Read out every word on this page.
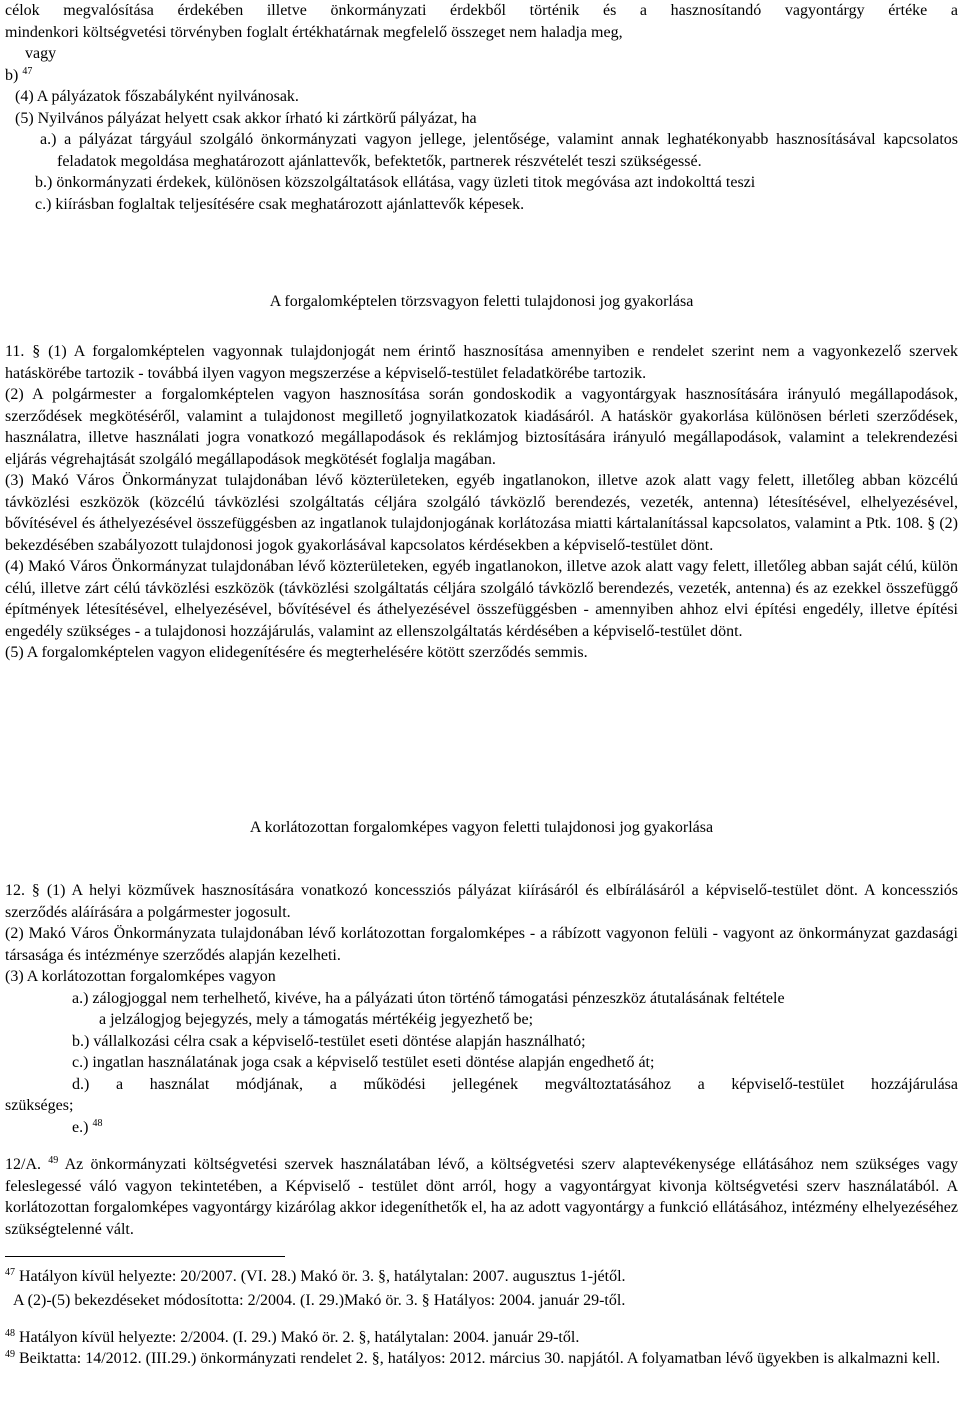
célok megvalósítása érdekében illetve önkormányzati érdekből történik és a hasznosítandó vagyontárgy értéke a

mindenkori költségvetési törvényben foglalt értékhatárnak megfelelő összeget nem haladja meg,

vagy

b) $^{47}$

(4) A pályázatok főszabályként nyilvánosak.

(5) Nyilvános pályázat helyett csak akkor írható ki zártkörű pályázat, ha

a.) a pályázat tárgyául szolgáló önkormányzati vagyon jellege, jelentősége, valamint annak leghatékonyabb hasznosításával kapcsolatos feladatok megoldása meghatározott ajánlattevők, befektetők, partnerek részvételét teszi szükségessé.

b.) önkormányzati érdekek, különösen közszolgáltatások ellátása, vagy üzleti titok megóvása azt indokolttá teszi

c.) kiírásban foglaltak teljesítésére csak meghatározott ajánlattevők képesek.

A forgalomképtelen törzsvagyon feletti tulajdonosi jog gyakorlása

11. § (1) A forgalomképtelen vagyonnak tulajdonjogát nem érintő hasznosítása amennyiben e rendelet szerint nem a vagyonkezelő szervek hatáskörébe tartozik - továbbá ilyen vagyon megszerzése a képviselő-testület feladatkörébe tartozik.

(2) A polgármester a forgalomképtelen vagyon hasznosítása során gondoskodik a vagyontárgyak hasznosítására irányuló megállapodások, szerződések megkötéséről, valamint a tulajdonost megillető jognyilatkozatok kiadásáról. A hatáskör gyakorlása különösen bérleti szerződések, használatra, illetve használati jogra vonatkozó megállapodások és reklámjog biztosítására irányuló megállapodások, valamint a telekrendezési eljárás végrehajtását szolgáló megállapodások megkötését foglalja magában.

(3) Makó Város Önkormányzat tulajdonában lévő közterületeken, egyéb ingatlanokon, illetve azok alatt vagy felett, illetőleg abban közcélú távközlési eszközök (közcélú távközlési szolgáltatás céljára szolgáló távközlő berendezés, vezeték, antenna) létesítésével, elhelyezésével, bővítésével és áthelyezésével összefüggésben az ingatlanok tulajdonjogának korlátozása miatti kártalanítással kapcsolatos, valamint a Ptk. 108. § (2) bekezdésében szabályozott tulajdonosi jogok gyakorlásával kapcsolatos kérdésekben a képviselő-testület dönt.

(4) Makó Város Önkormányzat tulajdonában lévő közterületeken, egyéb ingatlanokon, illetve azok alatt vagy felett, illetőleg abban saját célú, külön célú, illetve zárt célú távközlési eszközök (távközlési szolgáltatás céljára szolgáló távközlő berendezés, vezeték, antenna) és az ezekkel összefüggő építmények létesítésével, elhelyezésével, bővítésével és áthelyezésével összefüggésben - amennyiben ahhoz elvi építési engedély, illetve építési engedély szükséges - a tulajdonosi hozzájárulás, valamint az ellenszolgáltatás kérdésében a képviselő-testület dönt.

(5) A forgalomképtelen vagyon elidegenítésére és megterhelésére kötött szerződés semmis.

A korlátozottan forgalomképes vagyon feletti tulajdonosi jog gyakorlása

12. § (1) A helyi közművek hasznosítására vonatkozó koncessziós pályázat kiírásáról és elbírálásáról a képviselő-testület dönt. A koncessziós szerződés aláírására a polgármester jogosult.

(2) Makó Város Önkormányzata tulajdonában lévő korlátozottan forgalomképes - a rábízott vagyonon felüli - vagyont az önkormányzat gazdasági társasága és intézménye szerződés alapján kezelheti.

(3) A korlátozottan forgalomképes vagyon

a.) zálogjoggal nem terhelhető, kivéve, ha a pályázati úton történő támogatási pénzeszköz átutalásának feltétele

a jelzálogjog bejegyzés, mely a támogatás mértékéig jegyezhető be;

b.) vállalkozási célra csak a képviselő-testület eseti döntése alapján használható;

c.) ingatlan használatának joga csak a képviselő testület eseti döntése alapján engedhető át;

d.) a használat módjának, a működési jellegének megváltoztatásához a képviselő-testület hozzájárulása

szükséges;

e.) $^{48}$

12/A. $^{49}$ Az önkormányzati költségvetési szervek használatában lévő, a költségvetési szerv alaptevékenysége ellátásához nem szükséges vagy feleslegessé váló vagyon tekintetében, a Képviselő - testület dönt arról, hogy a vagyontárgyat kivonja költségvetési szerv használatából. A korlátozottan forgalomképes vagyontárgy kizárólag akkor idegeníthetők el, ha az adott vagyontárgy a funkció ellátásához, intézmény elhelyezéséhez szükségtelenné vált.

$^{47}$ Hatályon kívül helyezte: 20/2007. (VI. 28.) Makó ör. 3. §, hatálytalan: 2007. augusztus 1-jétől.

A (2)-(5) bekezdéseket módosította: 2/2004. (I. 29.)Makó ör. 3. § Hatályos: 2004. január 29-től.

$^{48}$ Hatályon kívül helyezte: 2/2004. (I. 29.) Makó ör. 2. §, hatálytalan: 2004. január 29-től.

$^{49}$ Beiktatta: 14/2012. (III.29.) önkormányzati rendelet 2. §, hatályos: 2012. március 30. napjától. A folyamatban lévő ügyekben is alkalmazni kell.
